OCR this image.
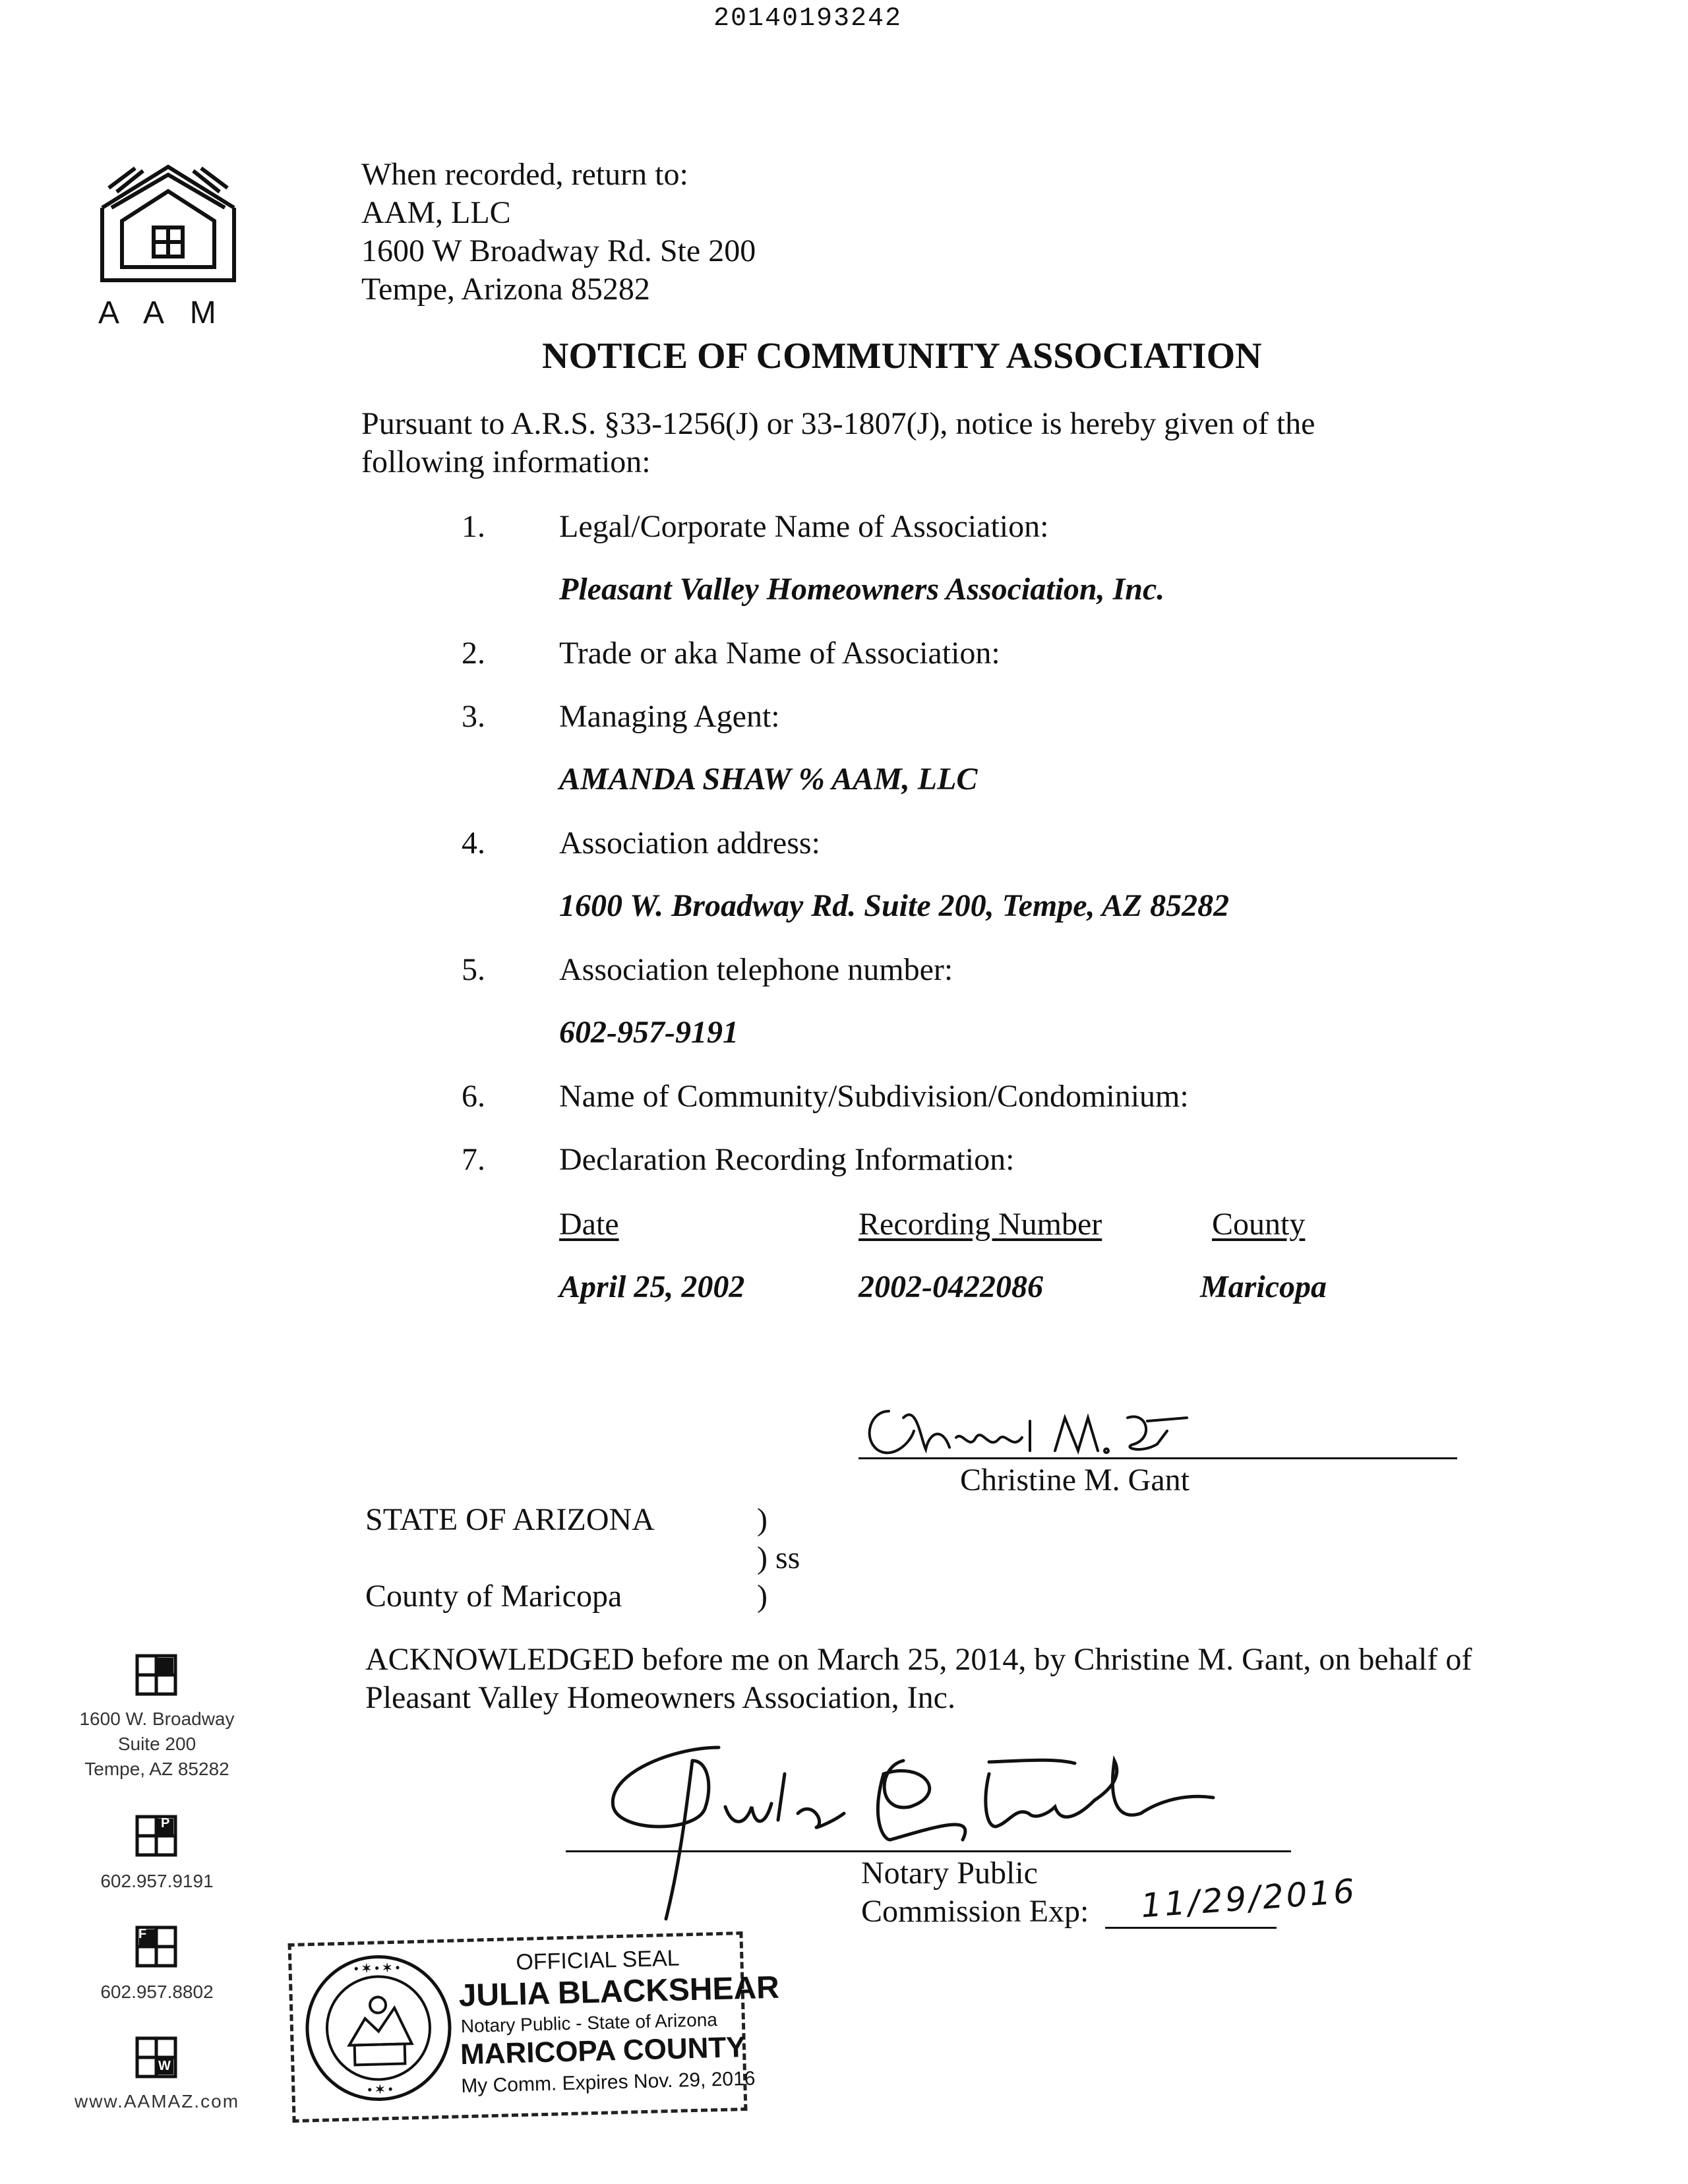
20140193242
A A M
When recorded, return to:
AAM, LLC
1600 W Broadway Rd. Ste 200
Tempe, Arizona 85282
NOTICE OF COMMUNITY ASSOCIATION
Pursuant to A.R.S. §33-1256(J) or 33-1807(J), notice is hereby given of the
following information:
1. Legal/Corporate Name of Association:
Pleasant Valley Homeowners Association, Inc.
2. Trade or aka Name of Association:
3. Managing Agent:
AMANDA SHAW % AAM, LLC
4. Association address:
1600 W. Broadway Rd. Suite 200, Tempe, AZ 85282
5. Association telephone number:
602-957-9191
6. Name of Community/Subdivision/Condominium:
7. Declaration Recording Information:
Date	Recording Number	County
April 25, 2002	2002-0422086	Maricopa
Christine M. Gant
STATE OF ARIZONA	)
) ss
County of Maricopa	)
ACKNOWLEDGED before me on March 25, 2014, by Christine M. Gant, on behalf of
Pleasant Valley Homeowners Association, Inc.
Notary Public
Commission Exp: 11/29/2016
• ✶ • ✶ •
• ✶ •
OFFICIAL SEAL
JULIA BLACKSHEAR
Notary Public - State of Arizona
MARICOPA COUNTY
My Comm. Expires Nov. 29, 2016
1600 W. Broadway
Suite 200
Tempe, AZ 85282
P
602.957.9191
F
602.957.8802
W
www.AAMAZ.com
